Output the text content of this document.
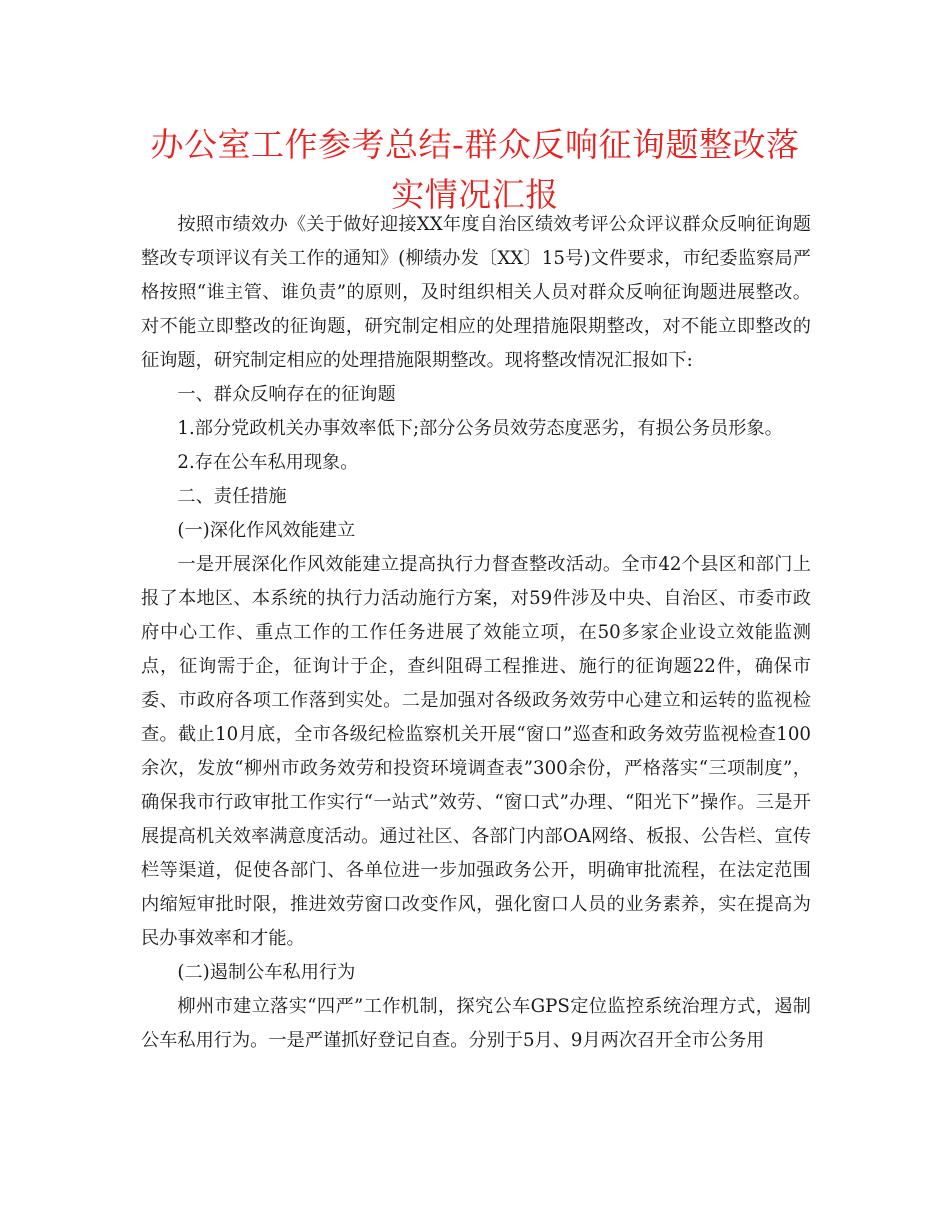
办公室工作参考总结-群众反响征询题整改落实情况汇报

按照市绩效办《关于做好迎接XX年度自治区绩效考评公众评议群众反响征询题整改专项评议有关工作的通知》(柳绩办发〔XX〕15号)文件要求，市纪委监察局严格按照“谁主管、谁负责”的原则，及时组织相关人员对群众反响征询题进展整改。对不能立即整改的征询题，研究制定相应的处理措施限期整改，对不能立即整改的征询题，研究制定相应的处理措施限期整改。现将整改情况汇报如下:

一、群众反响存在的征询题

1.部分党政机关办事效率低下;部分公务员效劳态度恶劣，有损公务员形象。

2.存在公车私用现象。

二、责任措施

(一)深化作风效能建立

一是开展深化作风效能建立提高执行力督查整改活动。全市42个县区和部门上报了本地区、本系统的执行力活动施行方案，对59件涉及中央、自治区、市委市政府中心工作、重点工作的工作任务进展了效能立项，在50多家企业设立效能监测点，征询需于企，征询计于企，查纠阻碍工程推进、施行的征询题22件，确保市委、市政府各项工作落到实处。二是加强对各级政务效劳中心建立和运转的监视检查。截止10月底，全市各级纪检监察机关开展“窗口”巡查和政务效劳监视检查100余次，发放“柳州市政务效劳和投资环境调查表”300余份，严格落实“三项制度”，确保我市行政审批工作实行“一站式”效劳、“窗口式”办理、“阳光下”操作。三是开展提高机关效率满意度活动。通过社区、各部门内部OA网络、板报、公告栏、宣传栏等渠道，促使各部门、各单位进一步加强政务公开，明确审批流程，在法定范围内缩短审批时限，推进效劳窗口改变作风，强化窗口人员的业务素养，实在提高为民办事效率和才能。

(二)遏制公车私用行为

柳州市建立落实“四严”工作机制，探究公车GPS定位监控系统治理方式，遏制公车私用行为。一是严谨抓好登记自查。分别于5月、9月两次召开全市公务用
